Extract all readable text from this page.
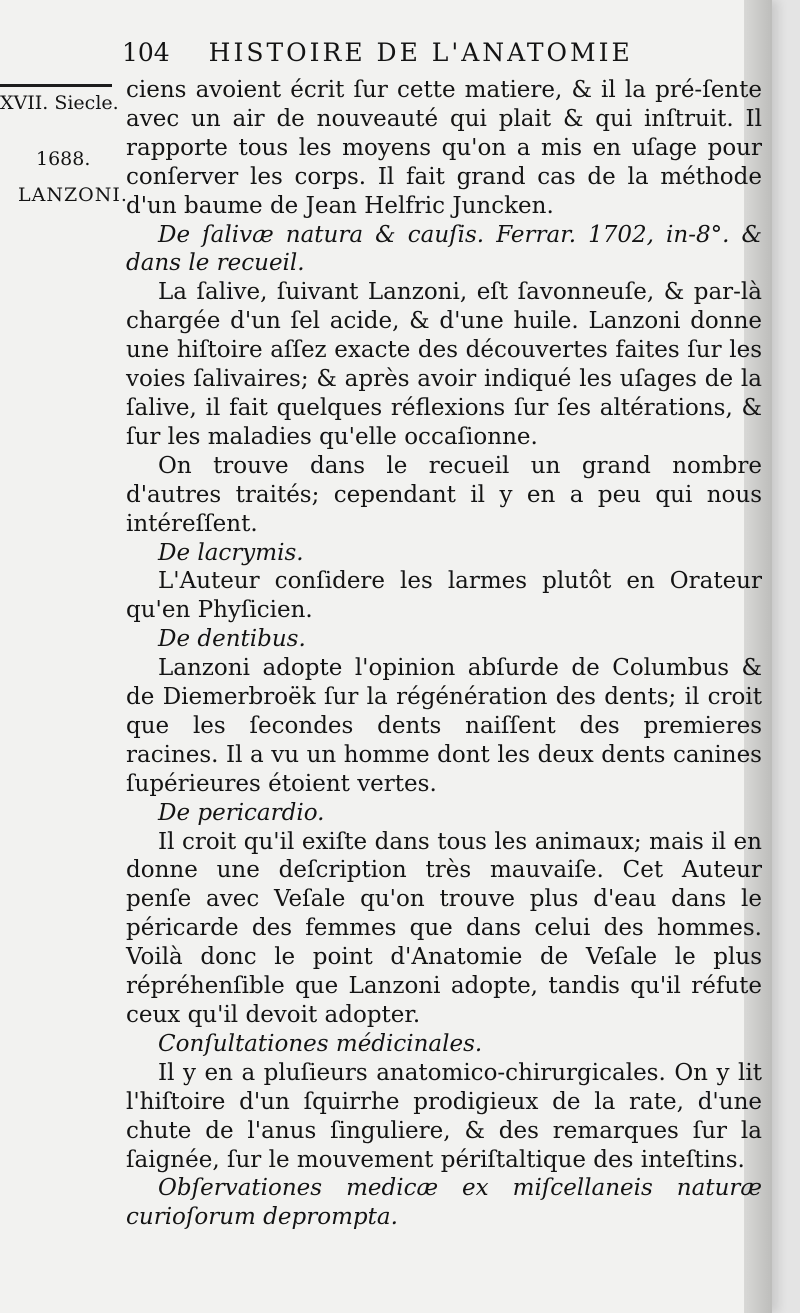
104 HISTOIRE DE L'ANATOMIE
XVII. Siecle.
1688.
LANZONI.

ciens avoient écrit ſur cette matiere, & il la pré-ſente avec un air de nouveauté qui plait & qui inſtruit. Il rapporte tous les moyens qu'on a mis en uſage pour conſerver les corps. Il fait grand cas de la méthode d'un baume de Jean Helfric Juncken.

De ſalivæ natura & cauſis. Ferrar. 1702, in-8°. & dans le recueil.

La ſalive, ſuivant Lanzoni, eſt ſavonneuſe, & par-là chargée d'un ſel acide, & d'une huile. Lanzoni donne une hiſtoire aſſez exacte des découvertes faites ſur les voies ſalivaires; & après avoir indiqué les uſages de la ſalive, il fait quelques réflexions ſur ſes altérations, & ſur les maladies qu'elle occaſionne.

On trouve dans le recueil un grand nombre d'autres traités; cependant il y en a peu qui nous intéreſſent.

De lacrymis.

L'Auteur conſidere les larmes plutôt en Orateur qu'en Phyſicien.

De dentibus.

Lanzoni adopte l'opinion abſurde de Columbus & de Diemerbroëk ſur la régénération des dents; il croit que les ſecondes dents naiſſent des premieres racines. Il a vu un homme dont les deux dents canines ſupérieures étoient vertes.

De pericardio.

Il croit qu'il exiſte dans tous les animaux; mais il en donne une deſcription très mauvaiſe. Cet Auteur penſe avec Veſale qu'on trouve plus d'eau dans le péricarde des femmes que dans celui des hommes. Voilà donc le point d'Anatomie de Veſale le plus répréhenſible que Lanzoni adopte, tandis qu'il réfute ceux qu'il devoit adopter.

Conſultationes médicinales.

Il y en a pluſieurs anatomico-chirurgicales. On y lit l'hiſtoire d'un ſquirrhe prodigieux de la rate, d'une chute de l'anus ſinguliere, & des remarques ſur la ſaignée, ſur le mouvement périſtaltique des inteſtins.

Obſervationes medicæ ex miſcellaneis naturæ curioſorum deprompta.
